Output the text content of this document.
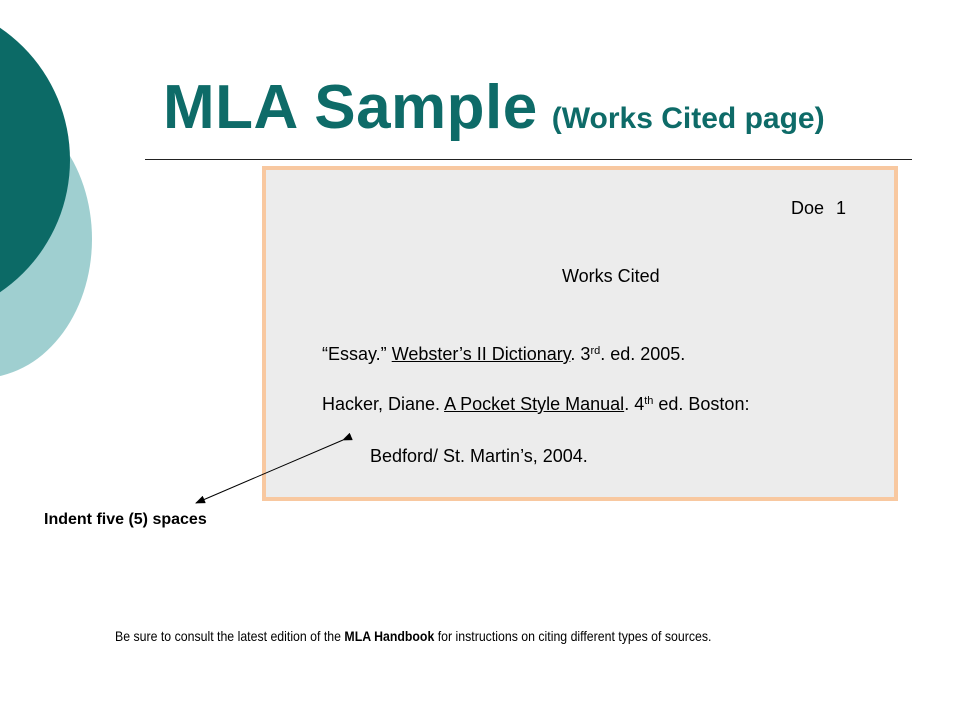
MLA Sample (Works Cited page)
Doe 1
Works Cited
“Essay.” Webster’s II Dictionary. 3rd. ed. 2005.
Hacker, Diane. A Pocket Style Manual. 4th ed. Boston:
Bedford/ St. Martin’s, 2004.
Indent five (5) spaces
Be sure to consult the latest edition of the MLA Handbook for instructions on citing different types of sources.
